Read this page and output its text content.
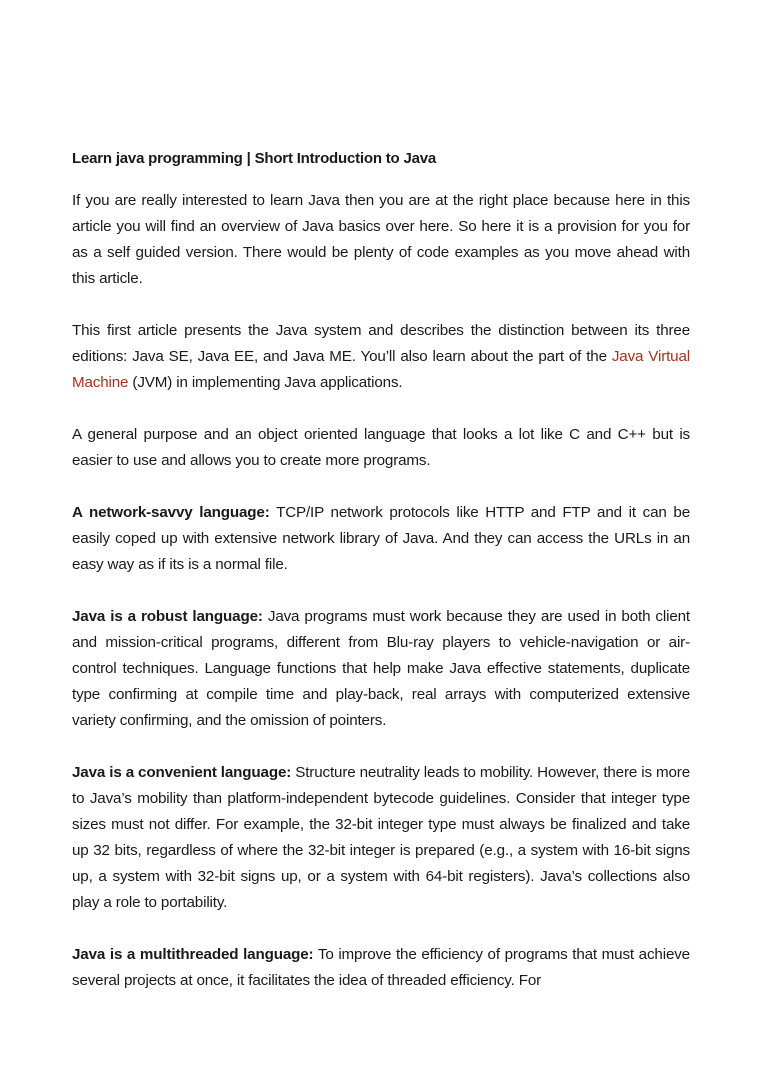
Learn java programming | Short Introduction to Java

If you are really interested to learn Java then you are at the right place because here in this article you will find an overview of Java basics over here. So here it is a provision for you for as a self guided version. There would be plenty of code examples as you move ahead with this article.

This first article presents the Java system and describes the distinction between its three editions: Java SE, Java EE, and Java ME. You’ll also learn about the part of the Java Virtual Machine (JVM) in implementing Java applications.

A general purpose and an object oriented language that looks a lot like C and C++ but is easier to use and allows you to create more programs.

A network-savvy language: TCP/IP network protocols like HTTP and FTP and it can be easily coped up with extensive network library of Java. And they can access the URLs in an easy way as if its is a normal file.

Java is a robust language: Java programs must work because they are used in both client and mission-critical programs, different from Blu-ray players to vehicle-navigation or air-control techniques. Language functions that help make Java effective statements, duplicate type confirming at compile time and play-back, real arrays with computerized extensive variety confirming, and the omission of pointers.

Java is a convenient language: Structure neutrality leads to mobility. However, there is more to Java’s mobility than platform-independent bytecode guidelines. Consider that integer type sizes must not differ. For example, the 32-bit integer type must always be finalized and take up 32 bits, regardless of where the 32-bit integer is prepared (e.g., a system with 16-bit signs up, a system with 32-bit signs up, or a system with 64-bit registers). Java’s collections also play a role to portability.

Java is a multithreaded language: To improve the efficiency of programs that must achieve several projects at once, it facilitates the idea of threaded efficiency. For
